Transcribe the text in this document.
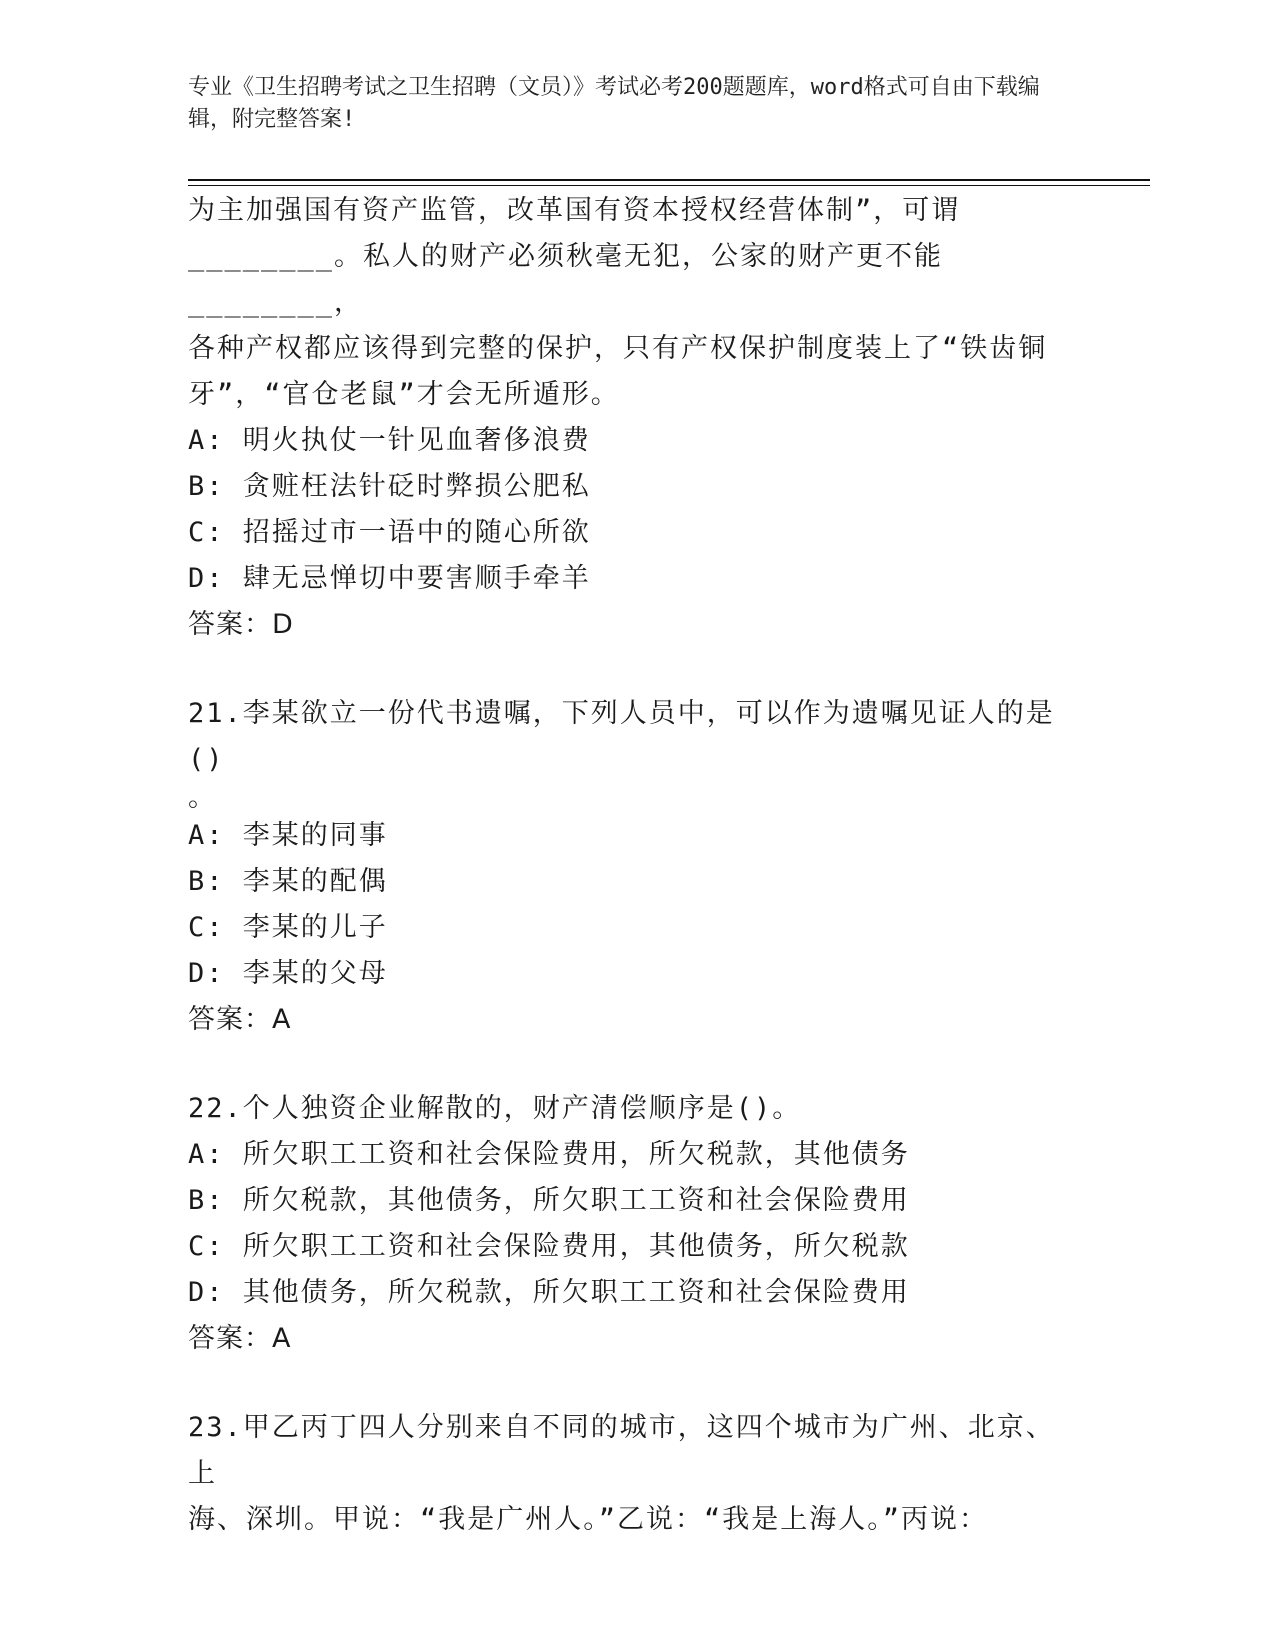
专业《卫生招聘考试之卫生招聘（文员）》考试必考200题题库，word格式可自由下载编辑，附完整答案!

为主加强国有资产监管，改革国有资本授权经营体制”，可谓

________。私人的财产必须秋毫无犯，公家的财产更不能________，

各种产权都应该得到完整的保护，只有产权保护制度装上了“铁齿铜

牙”，“官仓老鼠”才会无所遁形。

A: 明火执仗一针见血奢侈浪费

B: 贪赃枉法针砭时弊损公肥私

C: 招摇过市一语中的随心所欲

D: 肆无忌惮切中要害顺手牵羊

答案：D

21.李某欲立一份代书遗嘱，下列人员中，可以作为遗嘱见证人的是()

。

A: 李某的同事

B: 李某的配偶

C: 李某的儿子

D: 李某的父母

答案：A

22.个人独资企业解散的，财产清偿顺序是()。

A: 所欠职工工资和社会保险费用，所欠税款，其他债务

B: 所欠税款，其他债务，所欠职工工资和社会保险费用

C: 所欠职工工资和社会保险费用，其他债务，所欠税款

D: 其他债务，所欠税款，所欠职工工资和社会保险费用

答案：A

23.甲乙丙丁四人分别来自不同的城市，这四个城市为广州、北京、上

海、深圳。甲说：“我是广州人。”乙说：“我是上海人。”丙说：
